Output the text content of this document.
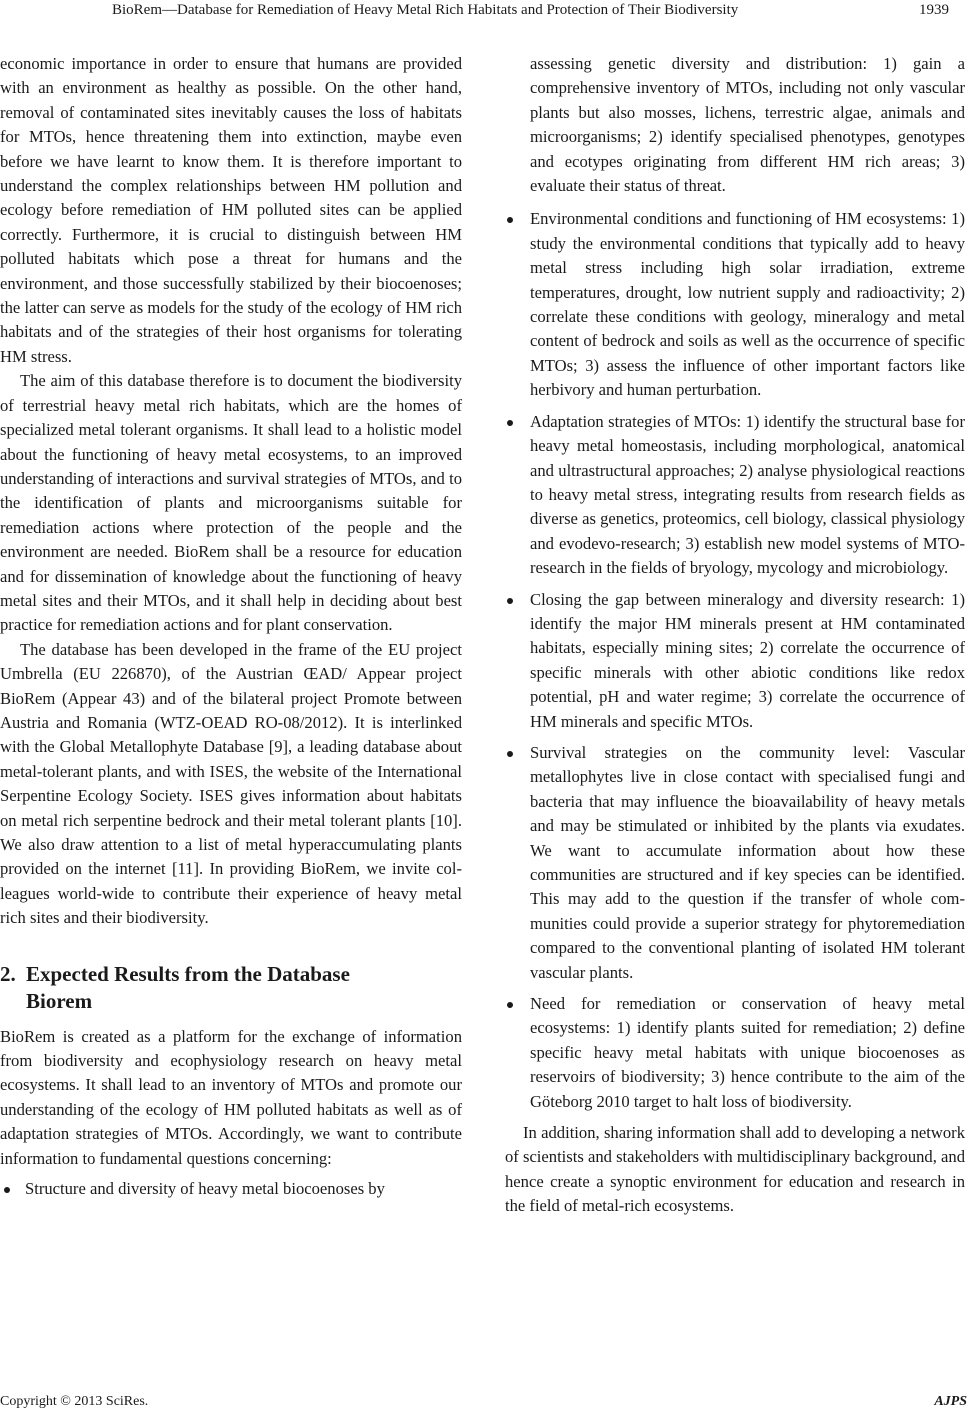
BioRem—Database for Remediation of Heavy Metal Rich Habitats and Protection of Their Biodiversity	1939

economic importance in order to ensure that humans are provided with an environment as healthy as possible. On the other hand, removal of contaminated sites inevitably causes the loss of habitats for MTOs, hence threatening them into extinction, maybe even before we have learnt to know them. It is therefore important to understand the complex relationships between HM pollution and ecology before remediation of HM polluted sites can be applied correctly. Furthermore, it is crucial to distinguish between HM polluted habitats which pose a threat for humans and the environment, and those successfully stabilized by their biocoenoses; the latter can serve as models for the study of the ecology of HM rich habitats and of the strategies of their host organisms for tolerating HM stress.

The aim of this database therefore is to document the biodiversity of terrestrial heavy metal rich habitats, which are the homes of specialized metal tolerant organisms. It shall lead to a holistic model about the functioning of heavy metal ecosystems, to an improved understanding of interactions and survival strategies of MTOs, and to the identification of plants and microorganisms suitable for remediation actions where protection of the people and the environment are needed. BioRem shall be a resource for education and for dissemination of knowledge about the functioning of heavy metal sites and their MTOs, and it shall help in deciding about best practice for remediation actions and for plant conservation.

The database has been developed in the frame of the EU project Umbrella (EU 226870), of the Austrian ŒAD/ Appear project BioRem (Appear 43) and of the bilateral project Promote between Austria and Romania (WTZ-OEAD RO-08/2012). It is interlinked with the Global Metallophyte Database [9], a leading database about metal-tolerant plants, and with ISES, the website of the International Serpentine Ecology Society. ISES gives information about habitats on metal rich serpentine bedrock and their metal tolerant plants [10]. We also draw attention to a list of metal hyperaccumulating plants provided on the internet [11]. In providing BioRem, we invite colleagues world-wide to contribute their experience of heavy metal rich sites and their biodiversity.

2. Expected Results from the Database
Biorem

BioRem is created as a platform for the exchange of information from biodiversity and ecophysiology research on heavy metal ecosystems. It shall lead to an inventory of MTOs and promote our understanding of the ecology of HM polluted habitats as well as of adaptation strategies of MTOs. Accordingly, we want to contribute information to fundamental questions concerning:

Structure and diversity of heavy metal biocoenoses by
assessing genetic diversity and distribution: 1) gain a comprehensive inventory of MTOs, including not only vascular plants but also mosses, lichens, terrestric algae, animals and microorganisms; 2) identify specialised phenotypes, genotypes and ecotypes originating from different HM rich areas; 3) evaluate their status of threat.
Environmental conditions and functioning of HM ecosystems: 1) study the environmental conditions that typically add to heavy metal stress including high solar irradiation, extreme temperatures, drought, low nutrient supply and radioactivity; 2) correlate these conditions with geology, mineralogy and metal content of bedrock and soils as well as the occurrence of specific MTOs; 3) assess the influence of other important factors like herbivory and human perturbation.
Adaptation strategies of MTOs: 1) identify the structural base for heavy metal homeostasis, including morphological, anatomical and ultrastructural approaches; 2) analyse physiological reactions to heavy metal stress, integrating results from research fields as diverse as genetics, proteomics, cell biology, classical physiology and evodevo-research; 3) establish new model systems of MTO-research in the fields of bryology, mycology and microbiology.
Closing the gap between mineralogy and diversity research: 1) identify the major HM minerals present at HM contaminated habitats, especially mining sites; 2) correlate the occurrence of specific minerals with other abiotic conditions like redox potential, pH and water regime; 3) correlate the occurrence of HM minerals and specific MTOs.
Survival strategies on the community level: Vascular metallophytes live in close contact with specialised fungi and bacteria that may influence the bioavailability of heavy metals and may be stimulated or inhibited by the plants via exudates. We want to accumulate information about how these communities are structured and if key species can be identified. This may add to the question if the transfer of whole communities could provide a superior strategy for phytoremediation compared to the conventional planting of isolated HM tolerant vascular plants.
Need for remediation or conservation of heavy metal ecosystems: 1) identify plants suited for remediation; 2) define specific heavy metal habitats with unique biocoenoses as reservoirs of biodiversity; 3) hence contribute to the aim of the Göteborg 2010 target to halt loss of biodiversity.

In addition, sharing information shall add to developing a network of scientists and stakeholders with multidisciplinary background, and hence create a synoptic environment for education and research in the field of metal-rich ecosystems.

Copyright © 2013 SciRes.	AJPS
